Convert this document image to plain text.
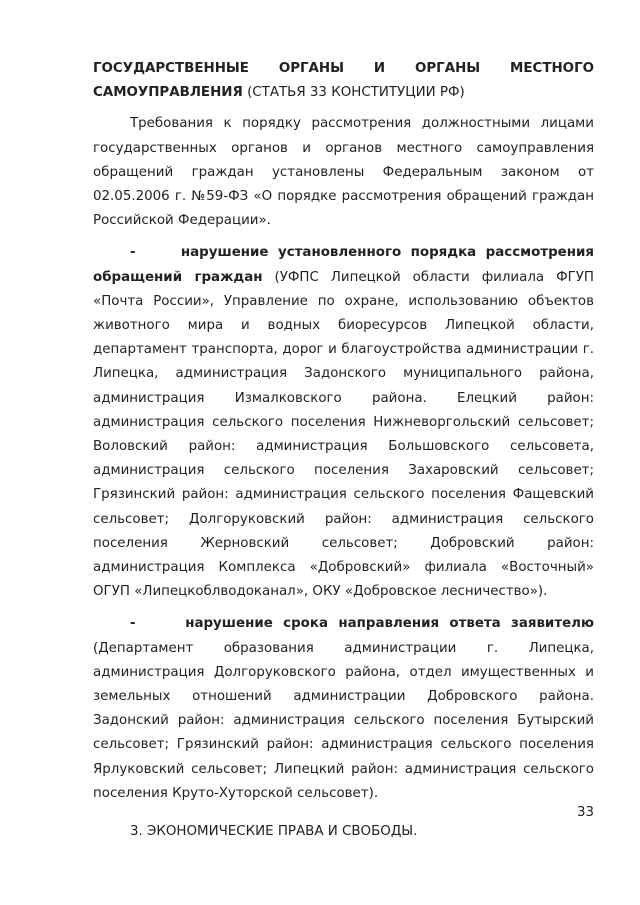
ГОСУДАРСТВЕННЫЕ ОРГАНЫ И ОРГАНЫ МЕСТНОГО
САМОУПРАВЛЕНИЯ (СТАТЬЯ 33 КОНСТИТУЦИИ РФ)

Требования к порядку рассмотрения должностными лицами государственных органов и органов местного самоуправления обращений граждан установлены Федеральным законом от 02.05.2006 г. №59-ФЗ «О порядке рассмотрения обращений граждан Российской Федерации».

-	нарушение установленного порядка рассмотрения обращений граждан (УФПС Липецкой области филиала ФГУП «Почта России», Управление по охране, использованию объектов животного мира и водных биоресурсов Липецкой области, департамент транспорта, дорог и благоустройства администрации г. Липецка, администрация Задонского муниципального района, администрация Измалковского района. Елецкий район: администрация сельского поселения Нижневоргольский сельсовет; Воловский район: администрация Большовского сельсовета, администрация сельского поселения Захаровский сельсовет; Грязинский район: администрация сельского поселения Фащевский сельсовет; Долгоруковский район: администрация сельского поселения Жерновский сельсовет; Добровский район: администрация Комплекса «Добровский» филиала «Восточный» ОГУП «Липецкоблводоканал», ОКУ «Добровское лесничество»).

-	нарушение срока направления ответа заявителю (Департамент образования администрации г. Липецка, администрация Долгоруковского района, отдел имущественных и земельных отношений администрации Добровского района. Задонский район: администрация сельского поселения Бутырский сельсовет; Грязинский район: администрация сельского поселения Ярлуковский сельсовет; Липецкий район: администрация сельского поселения Круто-Хуторской сельсовет).

3. ЭКОНОМИЧЕСКИЕ ПРАВА И СВОБОДЫ.

33
